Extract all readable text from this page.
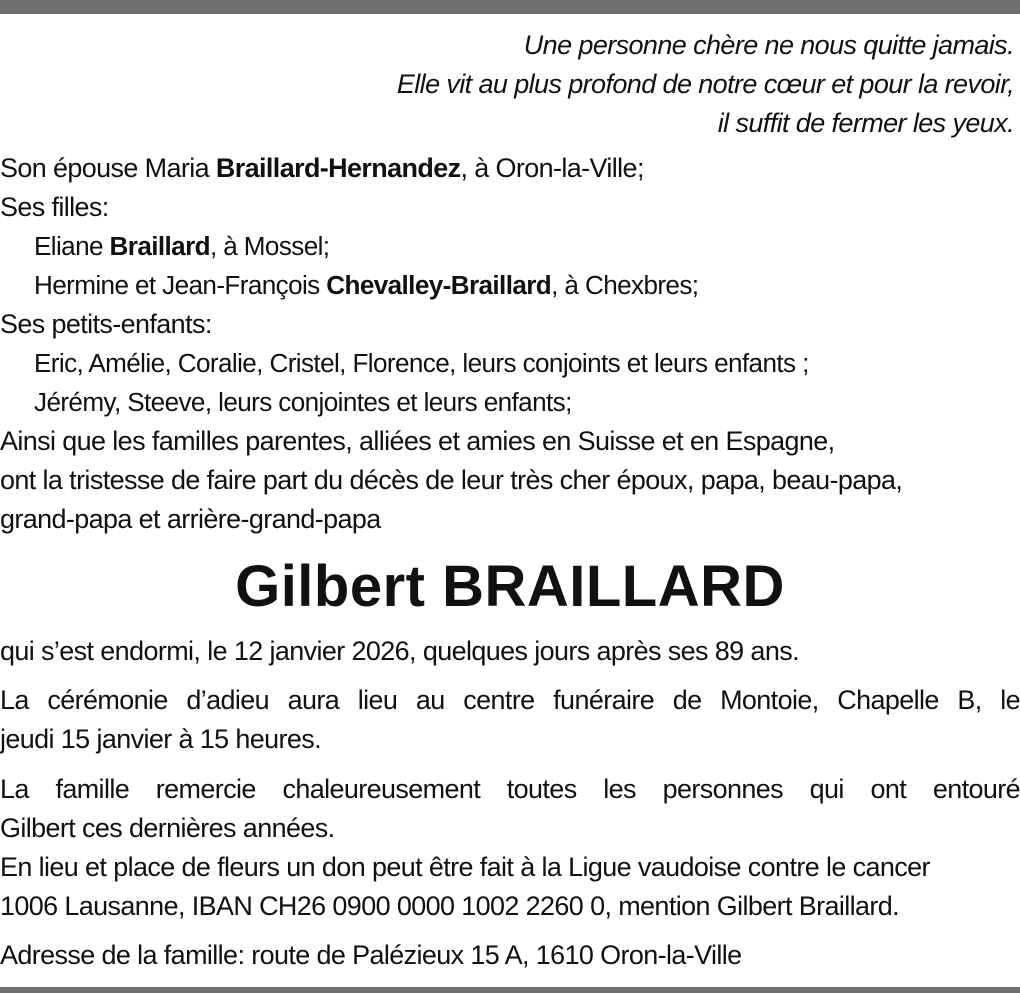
Une personne chère ne nous quitte jamais.
Elle vit au plus profond de notre cœur et pour la revoir,
il suffit de fermer les yeux.
Son épouse Maria Braillard-Hernandez, à Oron-la-Ville;
Ses filles:
Eliane Braillard, à Mossel;
Hermine et Jean-François Chevalley-Braillard, à Chexbres;
Ses petits-enfants:
Eric, Amélie, Coralie, Cristel, Florence, leurs conjoints et leurs enfants ;
Jérémy, Steeve, leurs conjointes et leurs enfants;
Ainsi que les familles parentes, alliées et amies en Suisse et en Espagne,
ont la tristesse de faire part du décès de leur très cher époux, papa, beau-papa,
grand-papa et arrière-grand-papa
Gilbert BRAILLARD
qui s’est endormi, le 12 janvier 2026, quelques jours après ses 89 ans.
La cérémonie d’adieu aura lieu au centre funéraire de Montoie, Chapelle B, le
jeudi 15 janvier à 15 heures.
La famille remercie chaleureusement toutes les personnes qui ont entouré
Gilbert ces dernières années.
En lieu et place de fleurs un don peut être fait à la Ligue vaudoise contre le cancer
1006 Lausanne, IBAN CH26 0900 0000 1002 2260 0, mention Gilbert Braillard.
Adresse de la famille: route de Palézieux 15 A, 1610 Oron-la-Ville
